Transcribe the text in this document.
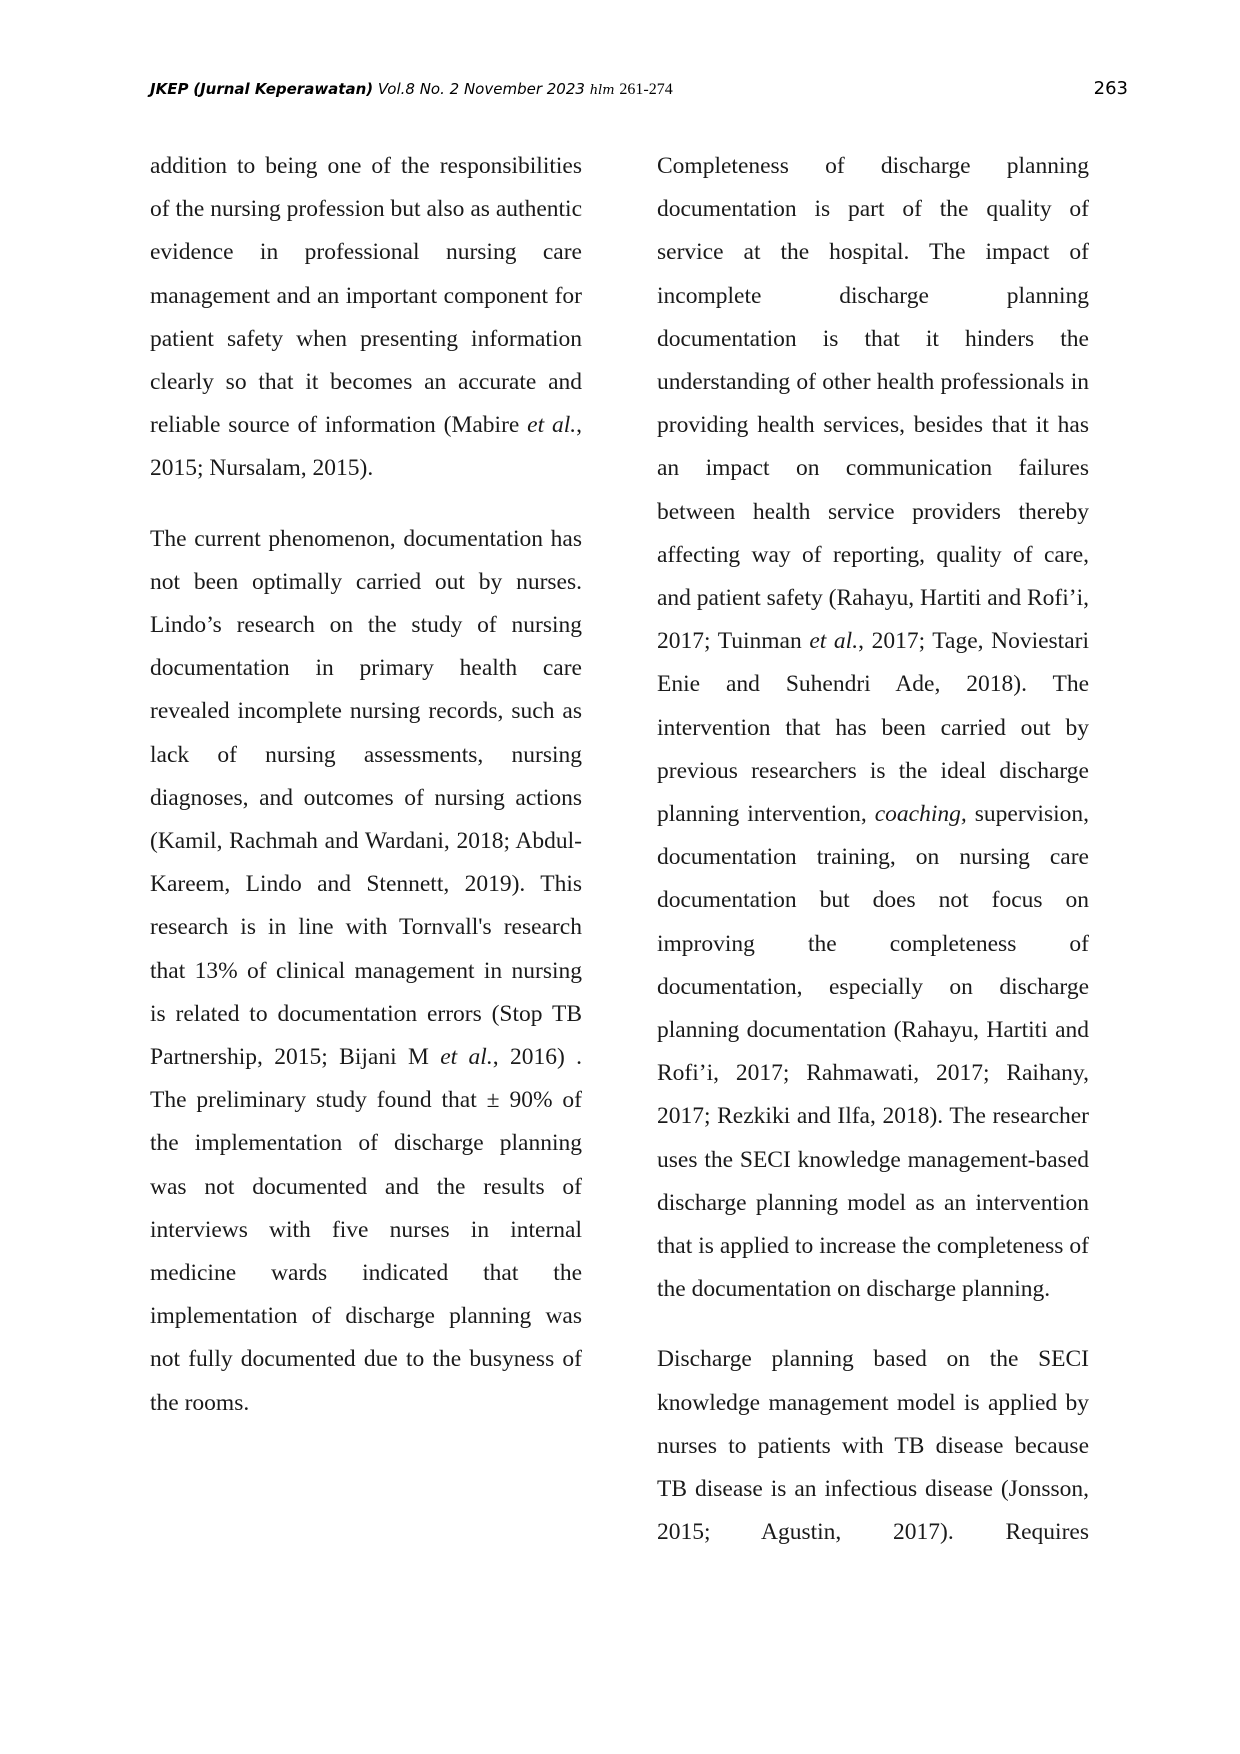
JKEP (Jurnal Keperawatan) Vol.8 No. 2 November 2023 hlm 261-274	263

addition to being one of the responsibilities of the nursing profession but also as authentic evidence in professional nursing care management and an important component for patient safety when presenting information clearly so that it becomes an accurate and reliable source of information (Mabire et al., 2015; Nursalam, 2015).

The current phenomenon, documentation has not been optimally carried out by nurses. Lindo’s research on the study of nursing documentation in primary health care revealed incomplete nursing records, such as lack of nursing assessments, nursing diagnoses, and outcomes of nursing actions (Kamil, Rachmah and Wardani, 2018; Abdul-Kareem, Lindo and Stennett, 2019). This research is in line with Tornvall's research that 13% of clinical management in nursing is related to documentation errors (Stop TB Partnership, 2015; Bijani M et al., 2016) . The preliminary study found that ± 90% of the implementation of discharge planning was not documented and the results of interviews with five nurses in internal medicine wards indicated that the implementation of discharge planning was not fully documented due to the busyness of the rooms.

Completeness of discharge planning documentation is part of the quality of service at the hospital. The impact of incomplete discharge planning documentation is that it hinders the understanding of other health professionals in providing health services, besides that it has an impact on communication failures between health service providers thereby affecting way of reporting, quality of care, and patient safety (Rahayu, Hartiti and Rofi’i, 2017; Tuinman et al., 2017; Tage, Noviestari Enie and Suhendri Ade, 2018). The intervention that has been carried out by previous researchers is the ideal discharge planning intervention, coaching, supervision, documentation training, on nursing care documentation but does not focus on improving the completeness of documentation, especially on discharge planning documentation (Rahayu, Hartiti and Rofi’i, 2017; Rahmawati, 2017; Raihany, 2017; Rezkiki and Ilfa, 2018). The researcher uses the SECI knowledge management-based discharge planning model as an intervention that is applied to increase the completeness of the documentation on discharge planning.

Discharge planning based on the SECI knowledge management model is applied by nurses to patients with TB disease because TB disease is an infectious disease (Jonsson, 2015; Agustin, 2017). Requires
